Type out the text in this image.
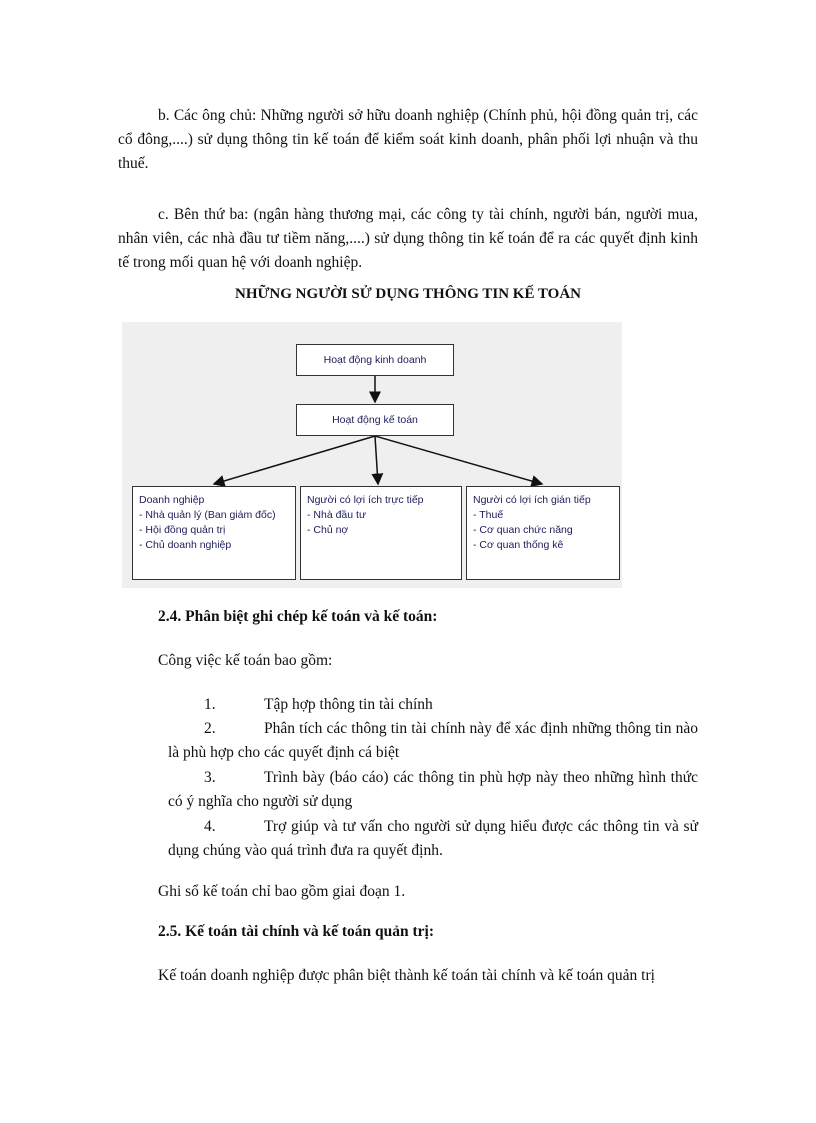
b. Các ông chủ: Những người sở hữu doanh nghiệp (Chính phủ, hội đồng quản trị, các cổ đông,....) sử dụng thông tin kế toán để kiểm soát kinh doanh, phân phối lợi nhuận và thu thuế.

c. Bên thứ ba: (ngân hàng thương mại, các công ty tài chính, người bán, người mua, nhân viên, các nhà đầu tư tiềm năng,....) sử dụng thông tin kế toán để ra các quyết định kinh tế trong mối quan hệ với doanh nghiệp.

NHỮNG NGƯỜI SỬ DỤNG THÔNG TIN KẾ TOÁN

Hoạt động kinh doanh
Hoạt động kế toán
Doanh nghiệp
- Nhà quản lý (Ban giám đốc)
- Hội đồng quản trị
- Chủ doanh nghiệp
Người có lợi ích trực tiếp
- Nhà đầu tư
- Chủ nợ
Người có lợi ích gián tiếp
- Thuế
- Cơ quan chức năng
- Cơ quan thống kê

2.4. Phân biệt ghi chép kế toán và kế toán:

Công việc kế toán bao gồm:

1.	Tập hợp thông tin tài chính

2.	Phân tích các thông tin tài chính này để xác định những thông tin nào là phù hợp cho các quyết định cá biệt

3.	Trình bày (báo cáo) các thông tin phù hợp này theo những hình thức có ý nghĩa cho người sử dụng

4.	Trợ giúp và tư vấn cho người sử dụng hiểu được các thông tin và sử dụng chúng vào quá trình đưa ra quyết định.

Ghi sổ kế toán chỉ bao gồm giai đoạn 1.

2.5. Kế toán tài chính và kế toán quản trị:

Kế toán doanh nghiệp được phân biệt thành kế toán tài chính và kế toán quản trị
